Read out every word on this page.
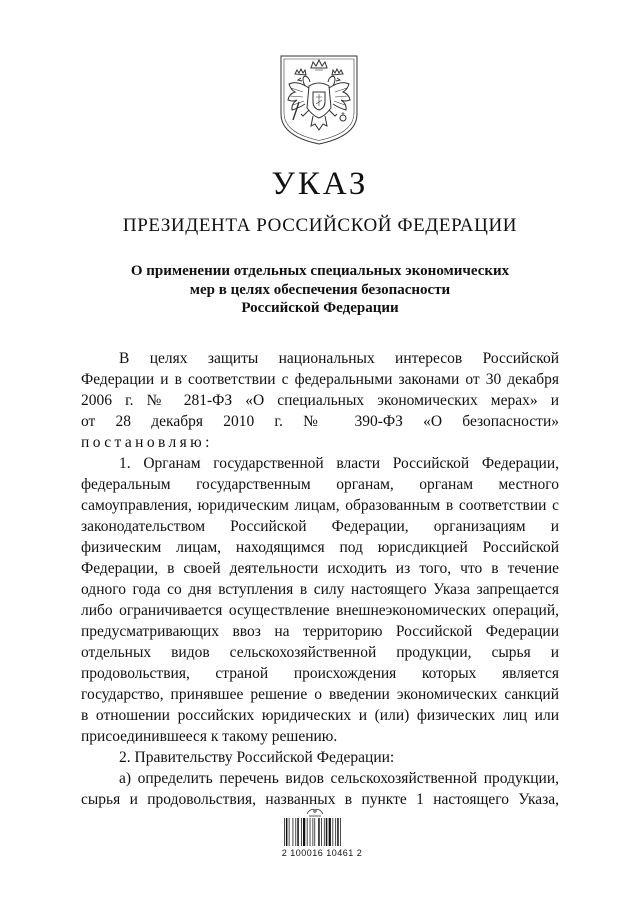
УКАЗ
ПРЕЗИДЕНТА РОССИЙСКОЙ ФЕДЕРАЦИИ
О применении отдельных специальных экономических
мер в целях обеспечения безопасности
Российской Федерации
В целях защиты национальных интересов Российской
Федерации и в соответствии с федеральными законами от 30 декабря
2006 г. № 281-ФЗ «О специальных экономических мерах» и
от 28 декабря 2010 г. № 390-ФЗ «О безопасности»
постановляю:
1. Органам государственной власти Российской Федерации,
федеральным государственным органам, органам местного
самоуправления, юридическим лицам, образованным в соответствии с
законодательством Российской Федерации, организациям и
физическим лицам, находящимся под юрисдикцией Российской
Федерации, в своей деятельности исходить из того, что в течение
одного года со дня вступления в силу настоящего Указа запрещается
либо ограничивается осуществление внешнеэкономических операций,
предусматривающих ввоз на территорию Российской Федерации
отдельных видов сельскохозяйственной продукции, сырья и
продовольствия, страной происхождения которых является
государство, принявшее решение о введении экономических санкций
в отношении российских юридических и (или) физических лиц или
присоединившееся к такому решению.
2. Правительству Российской Федерации:
а) определить перечень видов сельскохозяйственной продукции,
сырья и продовольствия, названных в пункте 1 настоящего Указа,
2 100016 10461 2
